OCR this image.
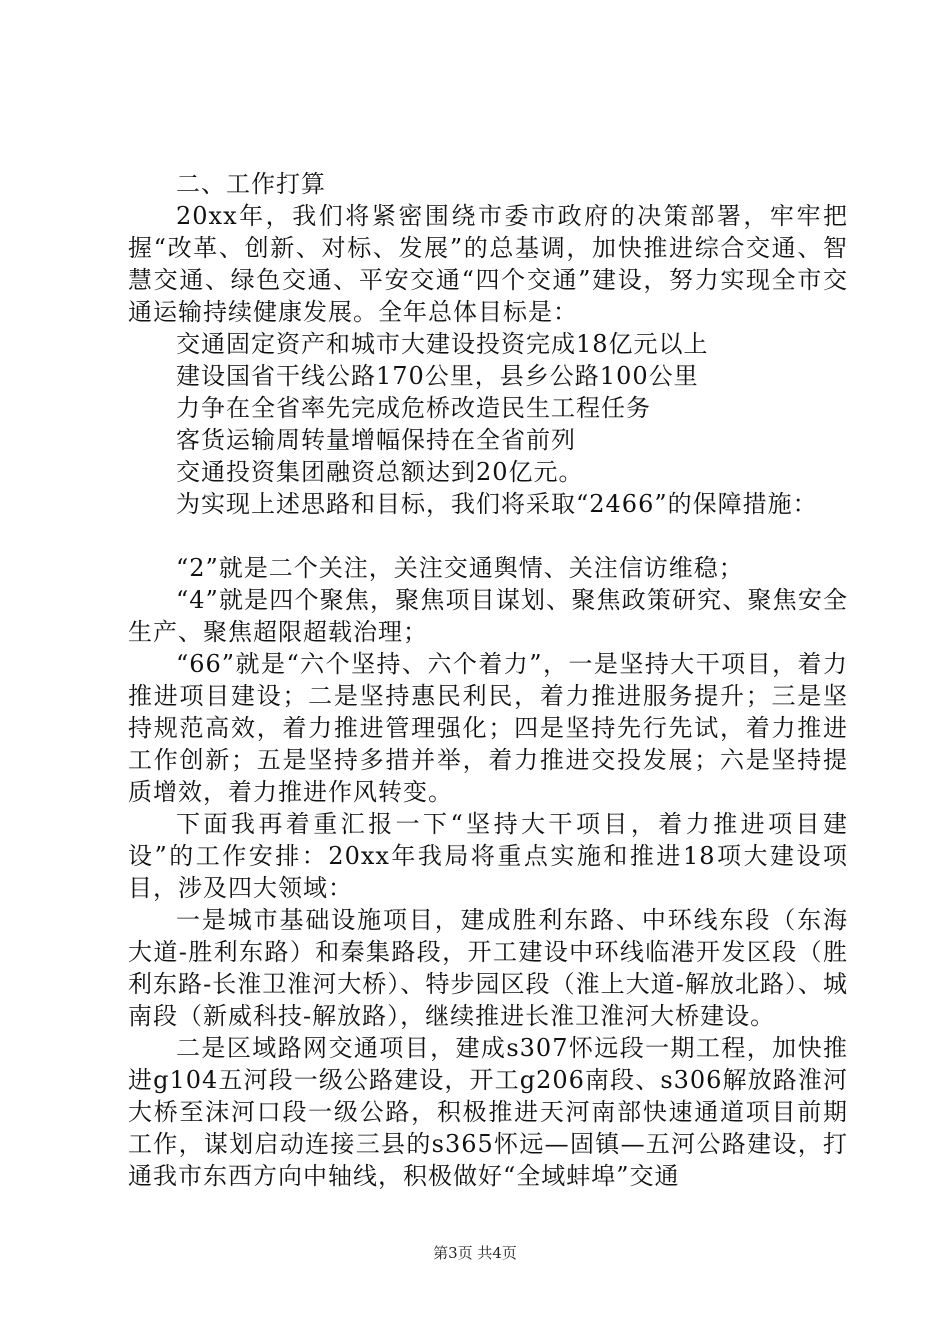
二、工作打算

20xx年，我们将紧密围绕市委市政府的决策部署，牢牢把握“改革、创新、对标、发展”的总基调，加快推进综合交通、智慧交通、绿色交通、平安交通“四个交通”建设，努力实现全市交通运输持续健康发展。全年总体目标是：

交通固定资产和城市大建设投资完成18亿元以上

建设国省干线公路170公里，县乡公路100公里

力争在全省率先完成危桥改造民生工程任务

客货运输周转量增幅保持在全省前列

交通投资集团融资总额达到20亿元。

为实现上述思路和目标，我们将采取“2466”的保障措施：

“2”就是二个关注，关注交通舆情、关注信访维稳；

“4”就是四个聚焦，聚焦项目谋划、聚焦政策研究、聚焦安全生产、聚焦超限超载治理；

“66”就是“六个坚持、六个着力”，一是坚持大干项目，着力推进项目建设；二是坚持惠民利民，着力推进服务提升；三是坚持规范高效，着力推进管理强化；四是坚持先行先试，着力推进工作创新；五是坚持多措并举，着力推进交投发展；六是坚持提质增效，着力推进作风转变。

下面我再着重汇报一下“坚持大干项目，着力推进项目建设”的工作安排：20xx年我局将重点实施和推进18项大建设项目，涉及四大领域：

一是城市基础设施项目，建成胜利东路、中环线东段（东海大道-胜利东路）和秦集路段，开工建设中环线临港开发区段（胜利东路-长淮卫淮河大桥）、特步园区段（淮上大道-解放北路）、城南段（新威科技-解放路），继续推进长淮卫淮河大桥建设。

二是区域路网交通项目，建成s307怀远段一期工程，加快推进g104五河段一级公路建设，开工g206南段、s306解放路淮河大桥至沫河口段一级公路，积极推进天河南部快速通道项目前期工作，谋划启动连接三县的s365怀远—固镇—五河公路建设，打通我市东西方向中轴线，积极做好“全域蚌埠”交通

第3页 共4页
